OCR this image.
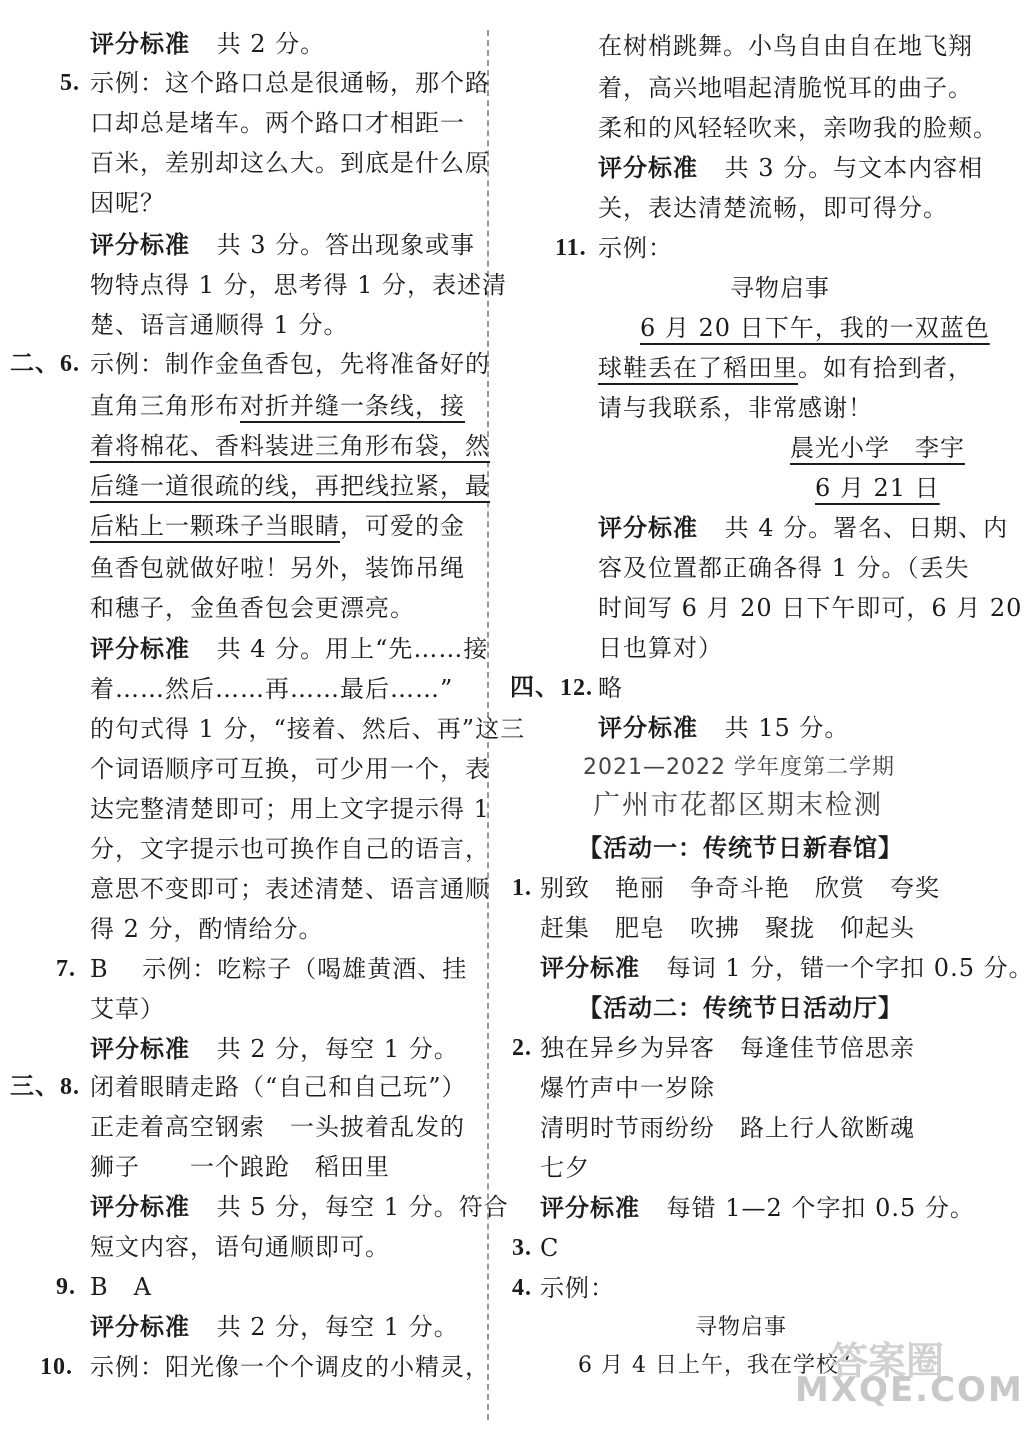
评分标准 共 2 分。
5. 示例：这个路口总是很通畅，那个路
口却总是堵车。两个路口才相距一
百米，差别却这么大。到底是什么原
因呢？
评分标准 共 3 分。答出现象或事
物特点得 1 分，思考得 1 分，表述清
楚、语言通顺得 1 分。
二、6. 示例：制作金鱼香包，先将准备好的
直角三角形布对折并缝一条线，接
着将棉花、香料装进三角形布袋，然
后缝一道很疏的线，再把线拉紧，最
后粘上一颗珠子当眼睛，可爱的金
鱼香包就做好啦！另外，装饰吊绳
和穗子，金鱼香包会更漂亮。
评分标准 共 4 分。用上“先……接
着……然后……再……最后……”
的句式得 1 分，“接着、然后、再”这三
个词语顺序可互换，可少用一个，表
达完整清楚即可；用上文字提示得 1
分，文字提示也可换作自己的语言，
意思不变即可；表述清楚、语言通顺
得 2 分，酌情给分。
7. B　 示例：吃粽子（喝雄黄酒、挂
艾草）
评分标准 共 2 分，每空 1 分。
三、8. 闭着眼睛走路（“自己和自己玩”）
正走着高空钢索　一头披着乱发的
狮子　　一个踉跄　稻田里
评分标准 共 5 分，每空 1 分。符合
短文内容，语句通顺即可。
9. B　A
评分标准 共 2 分，每空 1 分。
10. 示例：阳光像一个个调皮的小精灵，
在树梢跳舞。小鸟自由自在地飞翔
着，高兴地唱起清脆悦耳的曲子。
柔和的风轻轻吹来，亲吻我的脸颊。
评分标准 共 3 分。与文本内容相
关，表达清楚流畅，即可得分。
11. 示例：
寻物启事
6 月 20 日下午，我的一双蓝色
球鞋丢在了稻田里。如有拾到者，
请与我联系，非常感谢！
晨光小学　李宇
6 月 21 日
评分标准 共 4 分。署名、日期、内
容及位置都正确各得 1 分。（丢失
时间写 6 月 20 日下午即可，6 月 20
日也算对）
四、12. 略
评分标准 共 15 分。
2021—2022 学年度第二学期
广州市花都区期末检测
【活动一：传统节日新春馆】
1. 别致　艳丽　争奇斗艳　欣赏　夸奖
赶集　肥皂　吹拂　聚拢　仰起头
评分标准 每词 1 分，错一个字扣 0.5 分。
【活动二：传统节日活动厅】
2. 独在异乡为异客　每逢佳节倍思亲
爆竹声中一岁除
清明时节雨纷纷　路上行人欲断魂
七夕
评分标准 每错 1—2 个字扣 0.5 分。
3. C
4. 示例：
寻物启事
6 月 4 日上午，我在学校“
答案圈
MXQE.COM
